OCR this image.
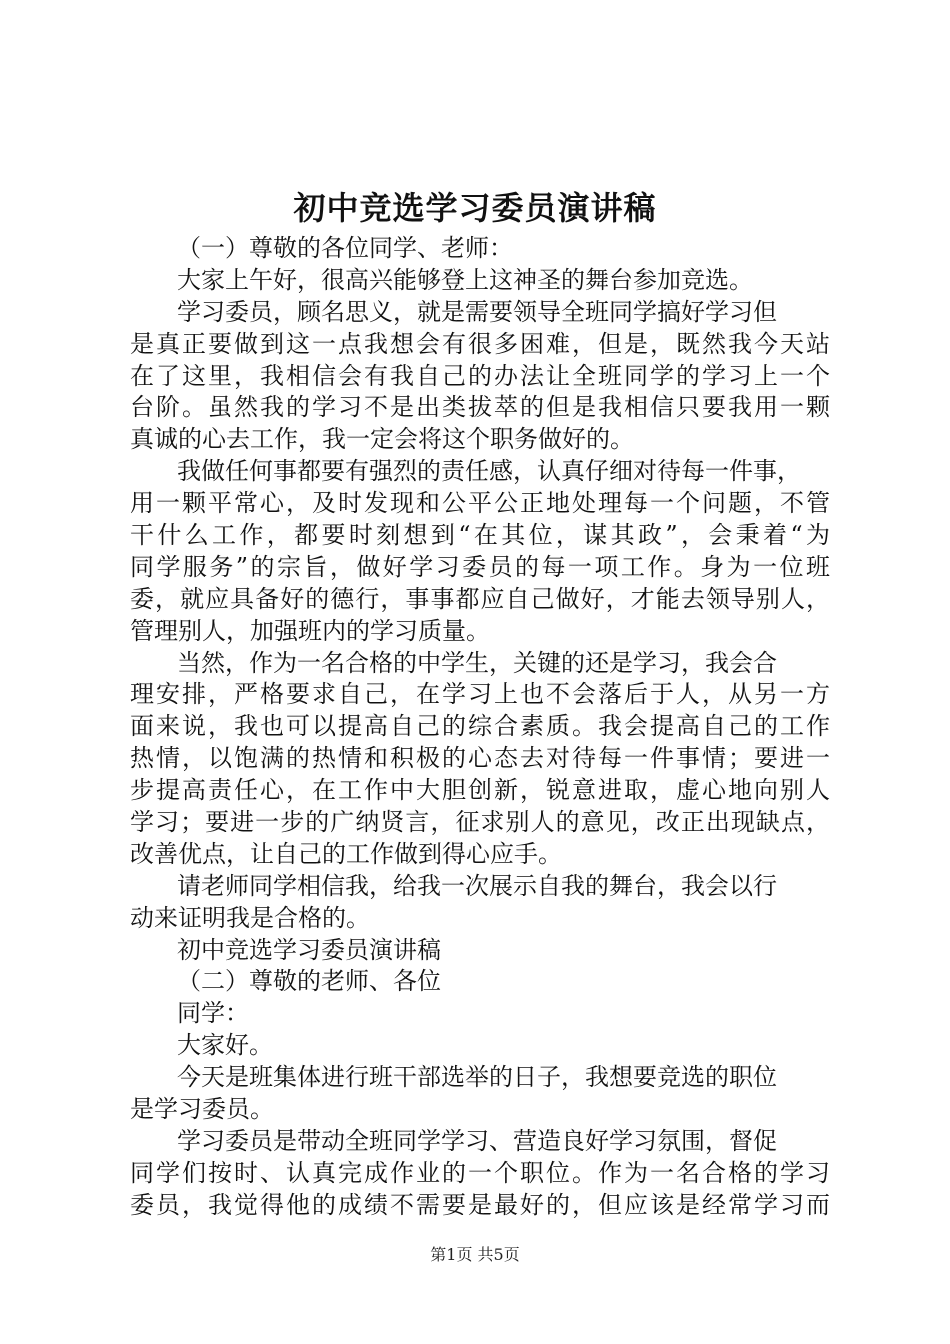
初中竞选学习委员演讲稿
（一）尊敬的各位同学、老师：
大家上午好，很高兴能够登上这神圣的舞台参加竞选。
学习委员，顾名思义，就是需要领导全班同学搞好学习但
是真正要做到这一点我想会有很多困难，但是，既然我今天站
在了这里，我相信会有我自己的办法让全班同学的学习上一个
台阶。虽然我的学习不是出类拔萃的但是我相信只要我用一颗
真诚的心去工作，我一定会将这个职务做好的。
我做任何事都要有强烈的责任感，认真仔细对待每一件事，
用一颗平常心，及时发现和公平公正地处理每一个问题，不管
干什么工作，都要时刻想到“在其位，谋其政”，会秉着“为
同学服务”的宗旨，做好学习委员的每一项工作。身为一位班
委，就应具备好的德行，事事都应自己做好，才能去领导别人，
管理别人，加强班内的学习质量。
当然，作为一名合格的中学生，关键的还是学习，我会合
理安排，严格要求自己，在学习上也不会落后于人，从另一方
面来说，我也可以提高自己的综合素质。我会提高自己的工作
热情，以饱满的热情和积极的心态去对待每一件事情；要进一
步提高责任心，在工作中大胆创新，锐意进取，虚心地向别人
学习；要进一步的广纳贤言，征求别人的意见，改正出现缺点，
改善优点，让自己的工作做到得心应手。
请老师同学相信我，给我一次展示自我的舞台，我会以行
动来证明我是合格的。
初中竞选学习委员演讲稿
（二）尊敬的老师、各位
同学：
大家好。
今天是班集体进行班干部选举的日子，我想要竞选的职位
是学习委员。
学习委员是带动全班同学学习、营造良好学习氛围，督促
同学们按时、认真完成作业的一个职位。作为一名合格的学习
委员，我觉得他的成绩不需要是最好的，但应该是经常学习而
第1页 共5页
